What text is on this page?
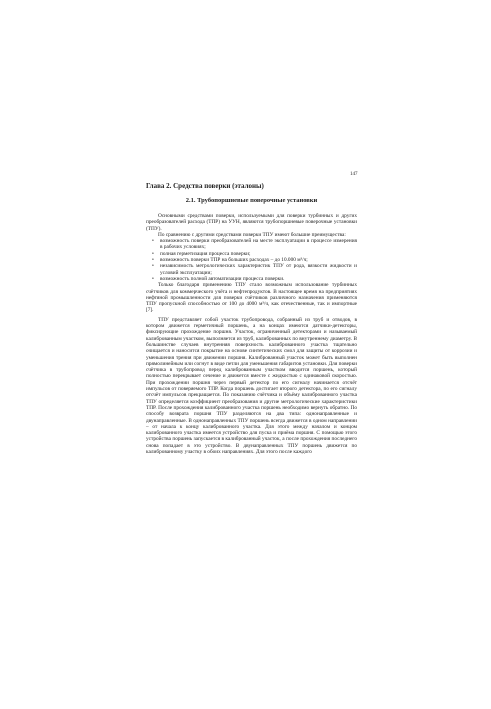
147
Глава 2. Средства поверки (эталоны)
2.1. Трубопоршневые поверочные установки

Основными средствами поверки, используемыми для поверки турбинных и других преобразователей расхода (ТПР) на УУН, являются трубопоршневые поверочные установки (ТПУ).

По сравнению с другими средствами поверки ТПУ имеют большие преимущества:

• возможность поверки преобразователей на месте эксплуатации в процессе измерения в рабочих условиях;
• полная герметизация процесса поверки;
• возможность поверки ТПР на больших расходах – до 10.000 м³/ч;
• независимость метрологических характеристик ТПУ от рода, вязкости жидкости и условий эксплуатации;
• возможность полной автоматизации процесса поверки.

Только благодаря применению ТПУ стало возможным использование турбинных счётчиков для коммерческого учёта и нефтепродуктов. В настоящее время на предприятиях нефтяной промышленности для поверки счётчиков различного назначения применяются ТПУ пропускной способностью от 100 до 4000 м³/ч, как отечественные, так и импортные [7].

ТПУ представляет собой участок трубопровода, собранный из труб и отводов, в котором движется герметичный поршень, а на концах имеются датчики-детекторы, фиксирующие прохождение поршня. Участок, ограниченный детекторами и называемый калиброванным участком, выполняется из труб, калиброванных по внутреннему диаметру. В большинстве случаев внутренняя поверхность калиброванного участка тщательно очищается и наносится покрытие на основе синтетических смол для защиты от коррозии и уменьшения трения при движении поршня. Калиброванный участок может быть выполнен прямолинейным или согнут в виде петли для уменьшения габаритов установки. Для поверки счётчика в трубопровод перед калиброванным участком вводится поршень, который полностью перекрывает сечение и движется вместе с жидкостью с одинаковой скоростью. При прохождении поршня через первый детектор по его сигналу начинается отсчёт импульсов от поверяемого ТПР. Когда поршень достигает второго детектора, по его сигналу отсчёт импульсов прекращается. По показанию счётчика и объёму калиброванного участка ТПУ определяется коэффициент преобразования и другие метрологические характеристики ТПР. После прохождения калиброванного участка поршень необходимо вернуть обратно. По способу возврата поршня ТПУ разделяются на два типа: однонаправленные и двунаправленные. В однонаправленных ТПУ поршень всегда движется в одном направлении – от начала к концу калиброванного участка. Для этого между началом и концом калиброванного участка имеется устройство для пуска и приёма поршня. С помощью этого устройства поршень запускается в калиброванный участок, а после прохождения последнего снова попадает в это устройство. В двунаправленных ТПУ поршень движется по калиброванному участку в обоих направлениях. Для этого после каждого
